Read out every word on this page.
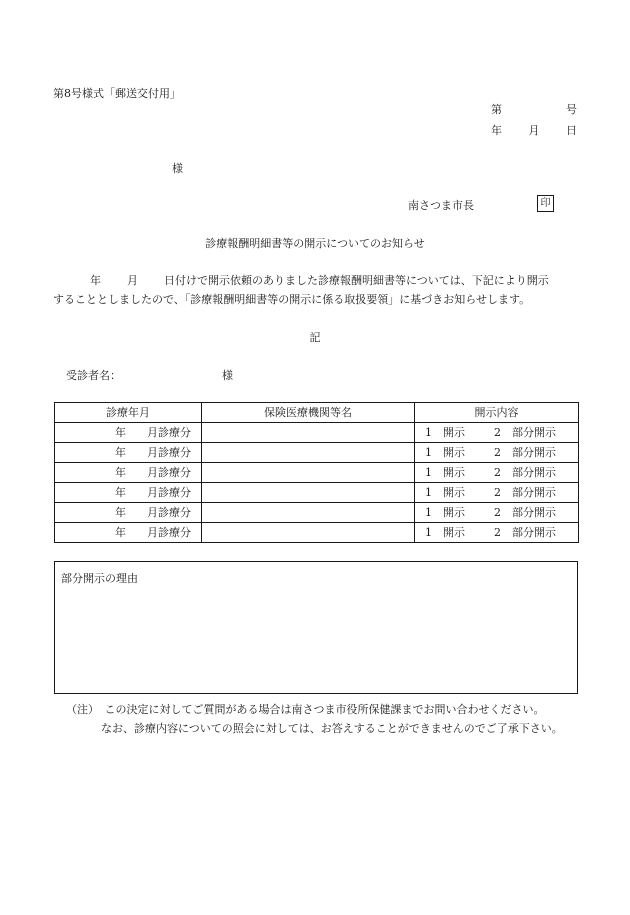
第8号様式「郵送交付用」
第	号
年 月 日
様
南さつま市長	印
診療報酬明細書等の開示についてのお知らせ
年 月 日付けで開示依頼のありました診療報酬明細書等については、下記により開示
することとしましたので、「診療報酬明細書等の開示に係る取扱要領」に基づきお知らせします。
記
受診者名：	様
診療年月	保険医療機関等名	開示内容
年 月診療分		1　開示 2　部分開示
年 月診療分		1　開示 2　部分開示
年 月診療分		1　開示 2　部分開示
年 月診療分		1　開示 2　部分開示
年 月診療分		1　開示 2　部分開示
年 月診療分		1　開示 2　部分開示
部分開示の理由
（注）　この決定に対してご質問がある場合は南さつま市役所保健課までお問い合わせください。
なお、診療内容についての照会に対しては、お答えすることができませんのでご了承下さい。
